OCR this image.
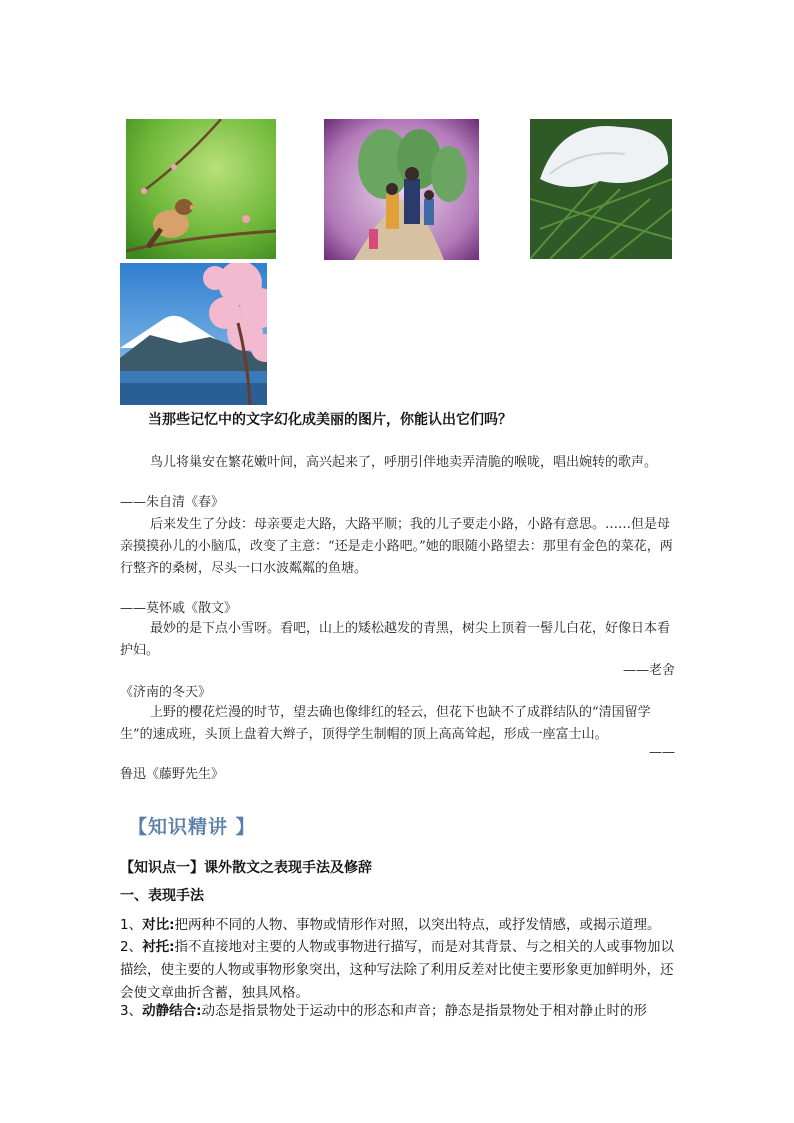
当那些记忆中的文字幻化成美丽的图片，你能认出它们吗？
鸟儿将巢安在繁花嫩叶间，高兴起来了，呼朋引伴地卖弄清脆的喉咙，唱出婉转的歌声。
——朱自清《春》
后来发生了分歧：母亲要走大路，大路平顺；我的儿子要走小路，小路有意思。……但是母亲摸摸孙儿的小脑瓜，改变了主意：“还是走小路吧。”她的眼随小路望去：那里有金色的菜花，两行整齐的桑树，尽头一口水波粼粼的鱼塘。
——莫怀戚《散文》
最妙的是下点小雪呀。看吧，山上的矮松越发的青黑，树尖上顶着一髻儿白花，好像日本看护妇。
——老舍
《济南的冬天》
上野的樱花烂漫的时节，望去确也像绯红的轻云，但花下也缺不了成群结队的“清国留学生”的速成班，头顶上盘着大辫子，顶得学生制帽的顶上高高耸起，形成一座富士山。
——
鲁迅《藤野先生》
【知识精讲 】
【知识点一】课外散文之表现手法及修辞
一、表现手法
1、对比:把两种不同的人物、事物或情形作对照，以突出特点，或抒发情感，或揭示道理。
2、衬托:指不直接地对主要的人物或事物进行描写，而是对其背景、与之相关的人或事物加以描绘，使主要的人物或事物形象突出，这种写法除了利用反差对比使主要形象更加鲜明外，还会使文章曲折含蓄，独具风格。
3、动静结合:动态是指景物处于运动中的形态和声音；静态是指景物处于相对静止时的形
